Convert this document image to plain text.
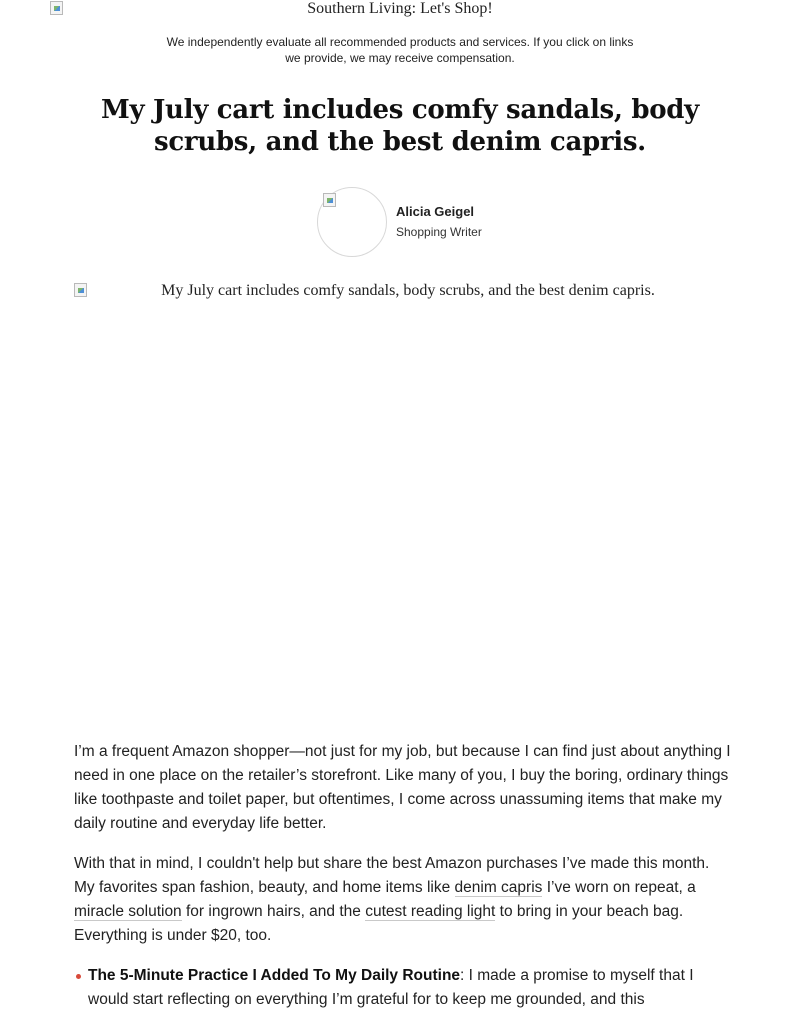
Southern Living: Let's Shop!
We independently evaluate all recommended products and services. If you click on links we provide, we may receive compensation.
My July cart includes comfy sandals, body scrubs, and the best denim capris.
Alicia Geigel
Shopping Writer
My July cart includes comfy sandals, body scrubs, and the best denim capris.

I’m a frequent Amazon shopper—not just for my job, but because I can find just about anything I need in one place on the retailer’s storefront. Like many of you, I buy the boring, ordinary things like toothpaste and toilet paper, but oftentimes, I come across unassuming items that make my daily routine and everyday life better.

With that in mind, I couldn't help but share the best Amazon purchases I’ve made this month. My favorites span fashion, beauty, and home items like denim capris I’ve worn on repeat, a miracle solution for ingrown hairs, and the cutest reading light to bring in your beach bag. Everything is under $20, too.

The 5-Minute Practice I Added To My Daily Routine: I made a promise to myself that I would start reflecting on everything I’m grateful for to keep me grounded, and this
